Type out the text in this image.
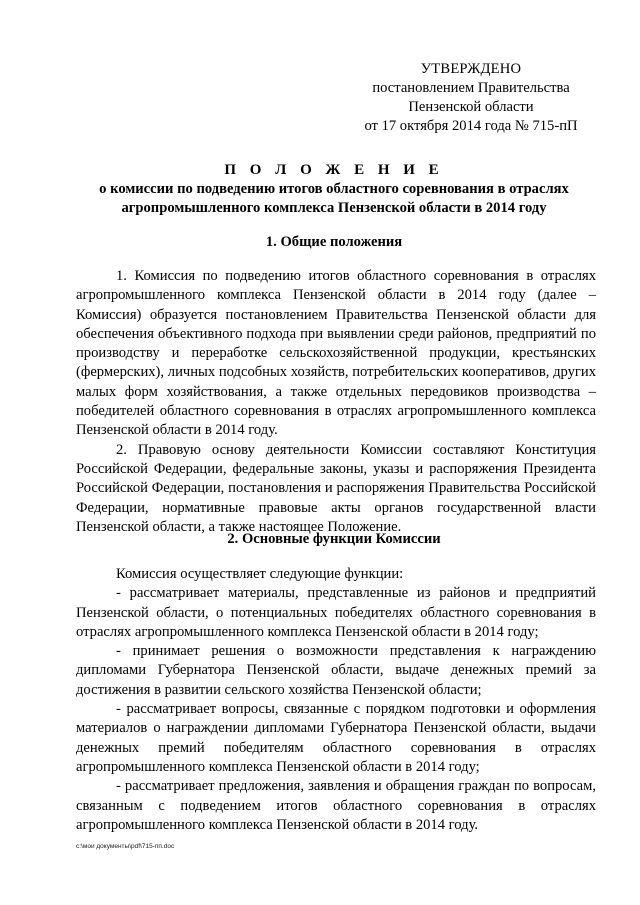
УТВЕРЖДЕНО
постановлением Правительства
Пензенской области
от 17 октября 2014 года № 715-пП
П О Л О Ж Е Н И Е
о комиссии по подведению итогов областного соревнования в отраслях
агропромышленного комплекса Пензенской области в 2014 году
1. Общие положения

1. Комиссия по подведению итогов областного соревнования в отраслях агропромышленного комплекса Пензенской области в 2014 году (далее – Комиссия) образуется постановлением Правительства Пензенской области для обеспечения объективного подхода при выявлении среди районов, предприятий по производству и переработке сельскохозяйственной продукции, крестьянских (фермерских), личных подсобных хозяйств, потребительских кооперативов, других малых форм хозяйствования, а также отдельных передовиков производства – победителей областного соревнования в отраслях агропромышленного комплекса Пензенской области в 2014 году.

2. Правовую основу деятельности Комиссии составляют Конституция Российской Федерации, федеральные законы, указы и распоряжения Президента Российской Федерации, постановления и распоряжения Правительства Российской Федерации, нормативные правовые акты органов государственной власти Пензенской области, а также настоящее Положение.

2. Основные функции Комиссии

Комиссия осуществляет следующие функции:

- рассматривает материалы, представленные из районов и предприятий Пензенской области, о потенциальных победителях областного соревнования в отраслях агропромышленного комплекса Пензенской области в 2014 году;

- принимает решения о возможности представления к награждению дипломами Губернатора Пензенской области, выдаче денежных премий за достижения в развитии сельского хозяйства Пензенской области;

- рассматривает вопросы, связанные с порядком подготовки и оформления материалов о награждении дипломами Губернатора Пензенской области, выдачи денежных премий победителям областного соревнования в отраслях агропромышленного комплекса Пензенской области в 2014 году;

- рассматривает предложения, заявления и обращения граждан по вопросам, связанным с подведением итогов областного соревнования в отраслях агропромышленного комплекса Пензенской области в 2014 году.

c:\мои документы\pdf\715-пп.doc
